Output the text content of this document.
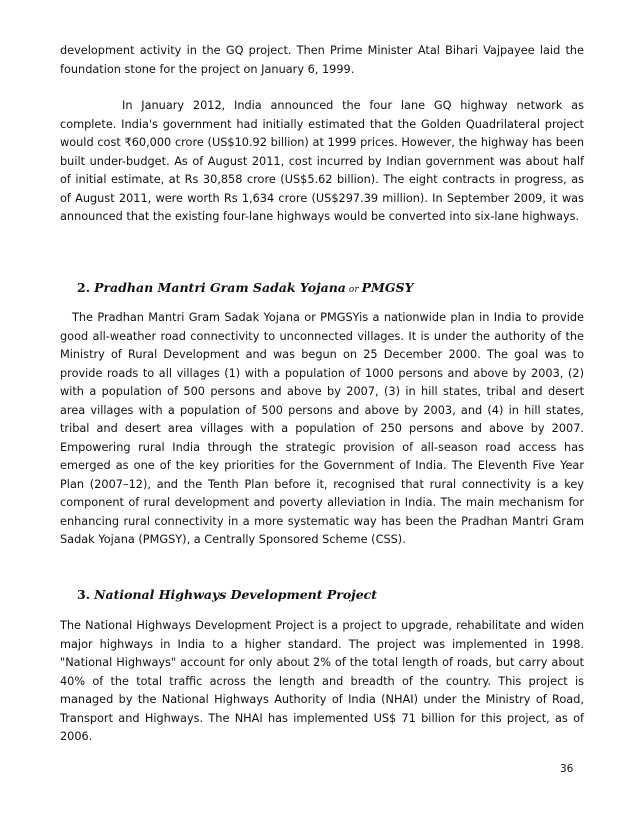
development activity in the GQ project. Then Prime Minister Atal Bihari Vajpayee laid the foundation stone for the project on January 6, 1999.

In January 2012, India announced the four lane GQ highway network as complete. India's government had initially estimated that the Golden Quadrilateral project would cost ₹60,000 crore (US$10.92 billion) at 1999 prices. However, the highway has been built under-budget. As of August 2011, cost incurred by Indian government was about half of initial estimate, at Rs 30,858 crore (US$5.62 billion). The eight contracts in progress, as of August 2011, were worth Rs 1,634 crore (US$297.39 million). In September 2009, it was announced that the existing four-lane highways would be converted into six-lane highways.

2. Pradhan Mantri Gram Sadak Yojana or PMGSY

The Pradhan Mantri Gram Sadak Yojana or PMGSYis a nationwide plan in India to provide good all-weather road connectivity to unconnected villages. It is under the authority of the Ministry of Rural Development and was begun on 25 December 2000. The goal was to provide roads to all villages (1) with a population of 1000 persons and above by 2003, (2) with a population of 500 persons and above by 2007, (3) in hill states, tribal and desert area villages with a population of 500 persons and above by 2003, and (4) in hill states, tribal and desert area villages with a population of 250 persons and above by 2007. Empowering rural India through the strategic provision of all-season road access has emerged as one of the key priorities for the Government of India. The Eleventh Five Year Plan (2007–12), and the Tenth Plan before it, recognised that rural connectivity is a key component of rural development and poverty alleviation in India. The main mechanism for enhancing rural connectivity in a more systematic way has been the Pradhan Mantri Gram Sadak Yojana (PMGSY), a Centrally Sponsored Scheme (CSS).

3. National Highways Development Project

The National Highways Development Project is a project to upgrade, rehabilitate and widen major highways in India to a higher standard. The project was implemented in 1998. "National Highways" account for only about 2% of the total length of roads, but carry about 40% of the total traffic across the length and breadth of the country. This project is managed by the National Highways Authority of India (NHAI) under the Ministry of Road, Transport and Highways. The NHAI has implemented US$ 71 billion for this project, as of 2006.

36
